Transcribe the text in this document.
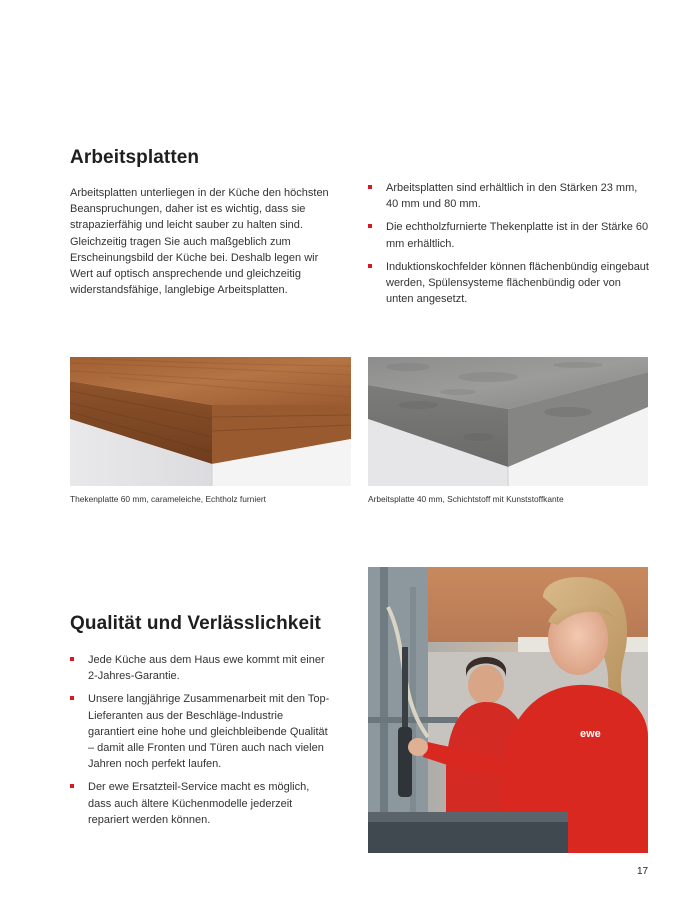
Arbeitsplatten

Arbeitsplatten unterliegen in der Küche den höchsten Beanspruchungen, daher ist es wichtig, dass sie strapazierfähig und leicht sauber zu halten sind. Gleichzeitig tragen Sie auch maßgeblich zum Erscheinungsbild der Küche bei. Deshalb legen wir Wert auf optisch ansprechende und gleichzeitig widerstandsfähige, langlebige Arbeitsplatten.

Arbeitsplatten sind erhältlich in den Stärken 23 mm, 40 mm und 80 mm.
Die echtholzfurnierte Thekenplatte ist in der Stärke 60 mm erhältlich.
Induktionskochfelder können flächenbündig eingebaut werden, Spülensysteme flächenbündig oder von unten angesetzt.
Thekenplatte 60 mm, carameleiche, Echtholz furniert	Arbeitsplatte 40 mm, Schichtstoff mit Kunststoffkante
Qualität und Verlässlichkeit
Jede Küche aus dem Haus ewe kommt mit einer 2-Jahres-Garantie.
Unsere langjährige Zusammenarbeit mit den Top-Lieferanten aus der Beschläge-Industrie garantiert eine hohe und gleichbleibende Qualität – damit alle Fronten und Türen auch nach vielen Jahren noch perfekt laufen.
Der ewe Ersatzteil-Service macht es möglich, dass auch ältere Küchenmodelle jederzeit repariert werden können.
ewe
17
